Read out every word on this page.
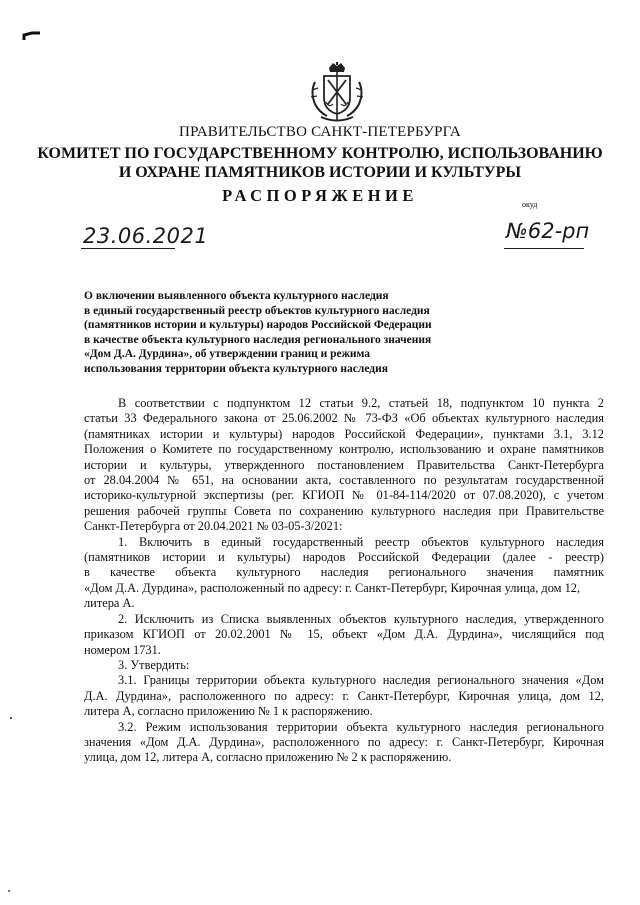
ПРАВИТЕЛЬСТВО САНКТ-ПЕТЕРБУРГА
КОМИТЕТ ПО ГОСУДАРСТВЕННОМУ КОНТРОЛЮ, ИСПОЛЬЗОВАНИЮ
И ОХРАНЕ ПАМЯТНИКОВ ИСТОРИИ И КУЛЬТУРЫ
РАСПОРЯЖЕНИЕ	окуд
23.06.2021	№62-рп
О включении выявленного объекта культурного наследия
в единый государственный реестр объектов культурного наследия
(памятников истории и культуры) народов Российской Федерации
в качестве объекта культурного наследия регионального значения
«Дом Д.А. Дурдина», об утверждении границ и режима
использования территории объекта культурного наследия
В соответствии с подпунктом 12 статьи 9.2, статьей 18, подпунктом 10 пункта 2
статьи 33 Федерального закона от 25.06.2002 № 73-ФЗ «Об объектах культурного наследия
(памятниках истории и культуры) народов Российской Федерации», пунктами 3.1, 3.12
Положения о Комитете по государственному контролю, использованию и охране памятников
истории и культуры, утвержденного постановлением Правительства Санкт-Петербурга
от 28.04.2004 № 651, на основании акта, составленного по результатам государственной
историко-культурной экспертизы (рег. КГИОП № 01-84-114/2020 от 07.08.2020), с учетом
решения рабочей группы Совета по сохранению культурного наследия при Правительстве
Санкт-Петербурга от 20.04.2021 № 03-05-3/2021:
1. Включить в единый государственный реестр объектов культурного наследия
(памятников истории и культуры) народов Российской Федерации (далее - реестр)
в качестве объекта культурного наследия регионального значения памятник
«Дом Д.А. Дурдина», расположенный по адресу: г. Санкт-Петербург, Кирочная улица, дом 12,
литера А.
2. Исключить из Списка выявленных объектов культурного наследия, утвержденного
приказом КГИОП от 20.02.2001 № 15, объект «Дом Д.А. Дурдина», числящийся под
номером 1731.
3. Утвердить:
3.1. Границы территории объекта культурного наследия регионального значения «Дом
Д.А. Дурдина», расположенного по адресу: г. Санкт-Петербург, Кирочная улица, дом 12,
литера А, согласно приложению № 1 к распоряжению.
3.2. Режим использования территории объекта культурного наследия регионального
значения «Дом Д.А. Дурдина», расположенного по адресу: г. Санкт-Петербург, Кирочная
улица, дом 12, литера А, согласно приложению № 2 к распоряжению.
